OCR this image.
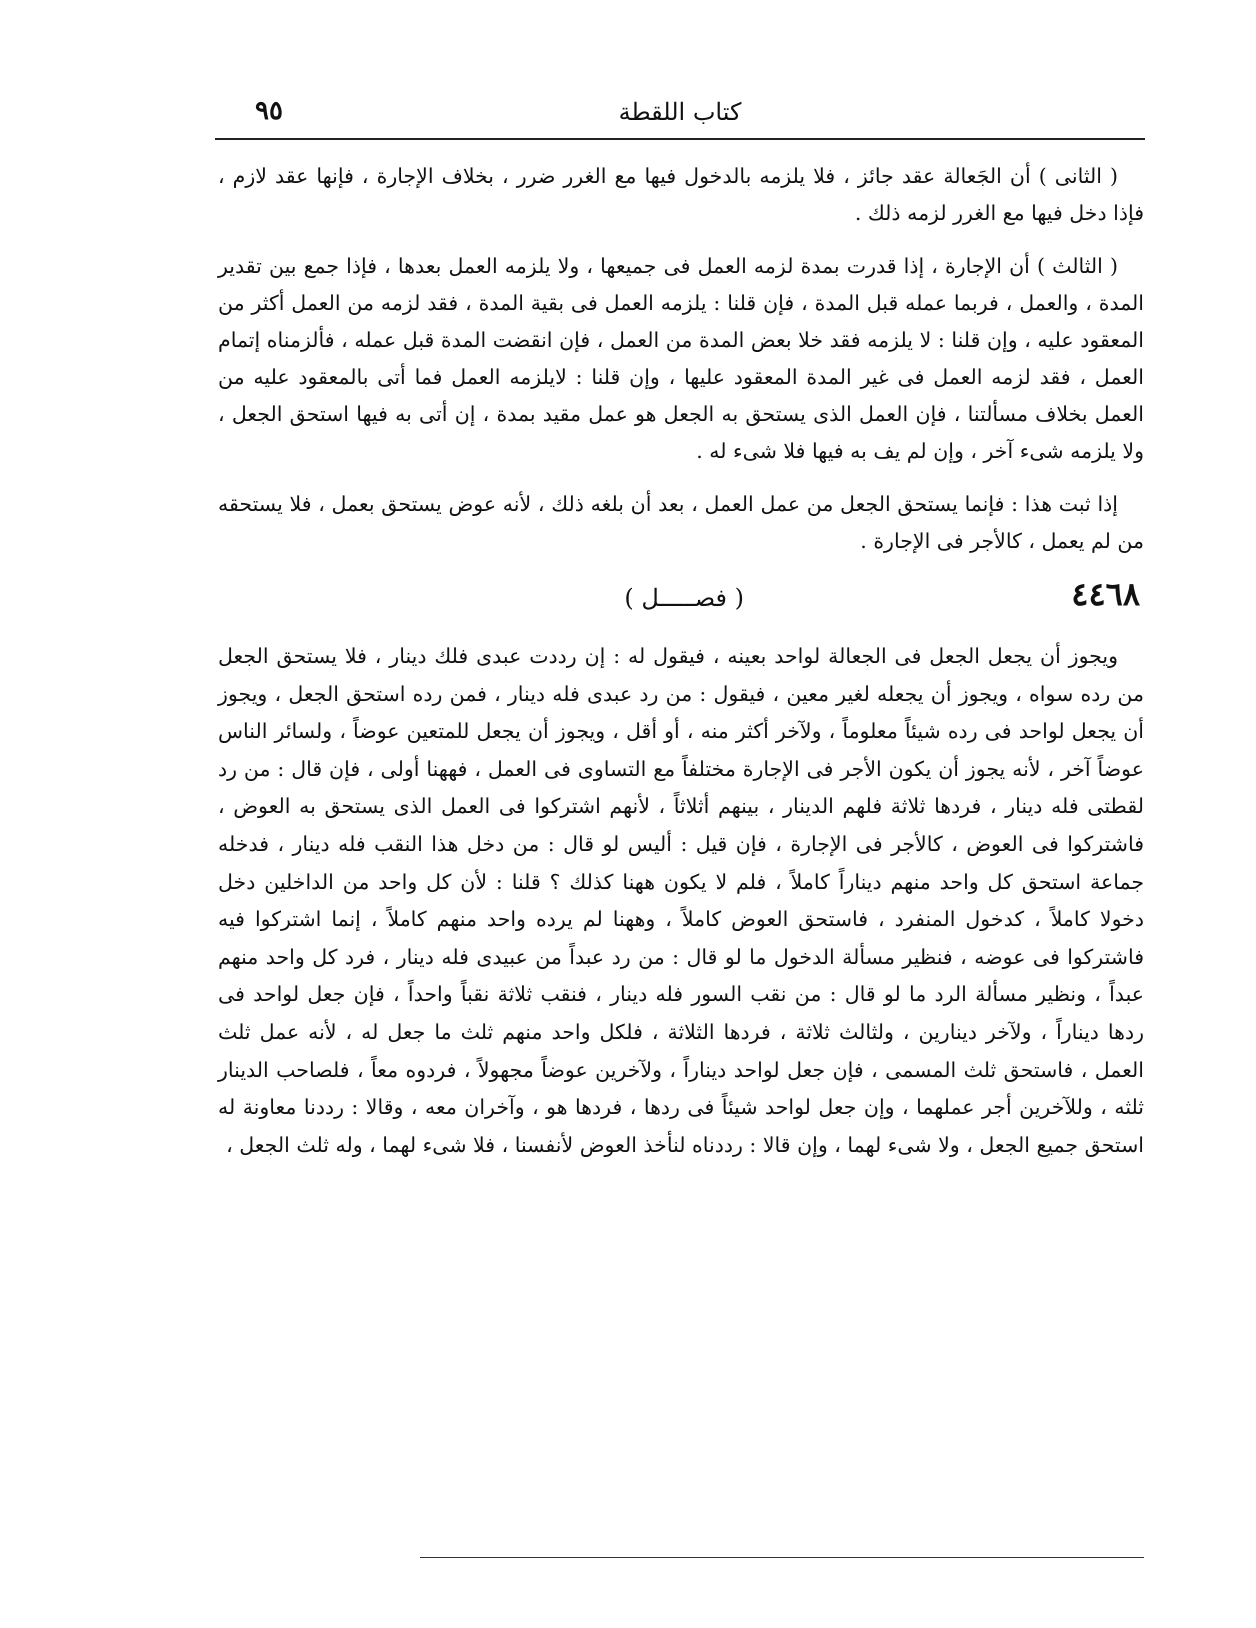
٩٥	كتاب اللقطة

( الثانى ) أن الجَعالة عقد جائز ، فلا يلزمه بالدخول فيها مع الغرر ضرر ، بخلاف الإجارة ، فإنها عقد لازم ، فإذا دخل فيها مع الغرر لزمه ذلك .

( الثالث ) أن الإجارة ، إذا قدرت بمدة لزمه العمل فى جميعها ، ولا يلزمه العمل بعدها ، فإذا جمع بين تقدير المدة ، والعمل ، فربما عمله قبل المدة ، فإن قلنا : يلزمه العمل فى بقية المدة ، فقد لزمه من العمل أكثر من المعقود عليه ، وإن قلنا : لا يلزمه فقد خلا بعض المدة من العمل ، فإن انقضت المدة قبل عمله ، فألزمناه إتمام العمل ، فقد لزمه العمل فى غير المدة المعقود عليها ، وإن قلنا : لايلزمه العمل فما أتى بالمعقود عليه من العمل بخلاف مسألتنا ، فإن العمل الذى يستحق به الجعل هو عمل مقيد بمدة ، إن أتى به فيها استحق الجعل ، ولا يلزمه شىء آخر ، وإن لم يف به فيها فلا شىء له .

إذا ثبت هذا : فإنما يستحق الجعل من عمل العمل ، بعد أن بلغه ذلك ، لأنه عوض يستحق بعمل ، فلا يستحقه من لم يعمل ، كالأجر فى الإجارة .

٤٤٦٨
( فصـــــل )

ويجوز أن يجعل الجعل فى الجعالة لواحد بعينه ، فيقول له : إن رددت عبدى فلك دينار ، فلا يستحق الجعل من رده سواه ، ويجوز أن يجعله لغير معين ، فيقول : من رد عبدى فله دينار ، فمن رده استحق الجعل ، ويجوز أن يجعل لواحد فى رده شيئاً معلوماً ، ولآخر أكثر منه ، أو أقل ، ويجوز أن يجعل للمتعين عوضاً ، ولسائر الناس عوضاً آخر ، لأنه يجوز أن يكون الأجر فى الإجارة مختلفاً مع التساوى فى العمل ، فههنا أولى ، فإن قال : من رد لقطتى فله دينار ، فردها ثلاثة فلهم الدينار ، بينهم أثلاثاً ، لأنهم اشتركوا فى العمل الذى يستحق به العوض ، فاشتركوا فى العوض ، كالأجر فى الإجارة ، فإن قيل : أليس لو قال : من دخل هذا النقب فله دينار ، فدخله جماعة استحق كل واحد منهم ديناراً كاملاً ، فلم لا يكون ههنا كذلك ؟ قلنا : لأن كل واحد من الداخلين دخل دخولا كاملاً ، كدخول المنفرد ، فاستحق العوض كاملاً ، وههنا لم يرده واحد منهم كاملاً ، إنما اشتركوا فيه فاشتركوا فى عوضه ، فنظير مسألة الدخول ما لو قال : من رد عبداً من عبيدى فله دينار ، فرد كل واحد منهم عبداً ، ونظير مسألة الرد ما لو قال : من نقب السور فله دينار ، فنقب ثلاثة نقباً واحداً ، فإن جعل لواحد فى ردها ديناراً ، ولآخر دينارين ، ولثالث ثلاثة ، فردها الثلاثة ، فلكل واحد منهم ثلث ما جعل له ، لأنه عمل ثلث العمل ، فاستحق ثلث المسمى ، فإن جعل لواحد ديناراً ، ولآخرين عوضاً مجهولاً ، فردوه معاً ، فلصاحب الدينار ثلثه ، وللآخرين أجر عملهما ، وإن جعل لواحد شيئاً فى ردها ، فردها هو ، وآخران معه ، وقالا : رددنا معاونة له استحق جميع الجعل ، ولا شىء لهما ، وإن قالا : رددناه لنأخذ العوض لأنفسنا ، فلا شىء لهما ، وله ثلث الجعل ،
